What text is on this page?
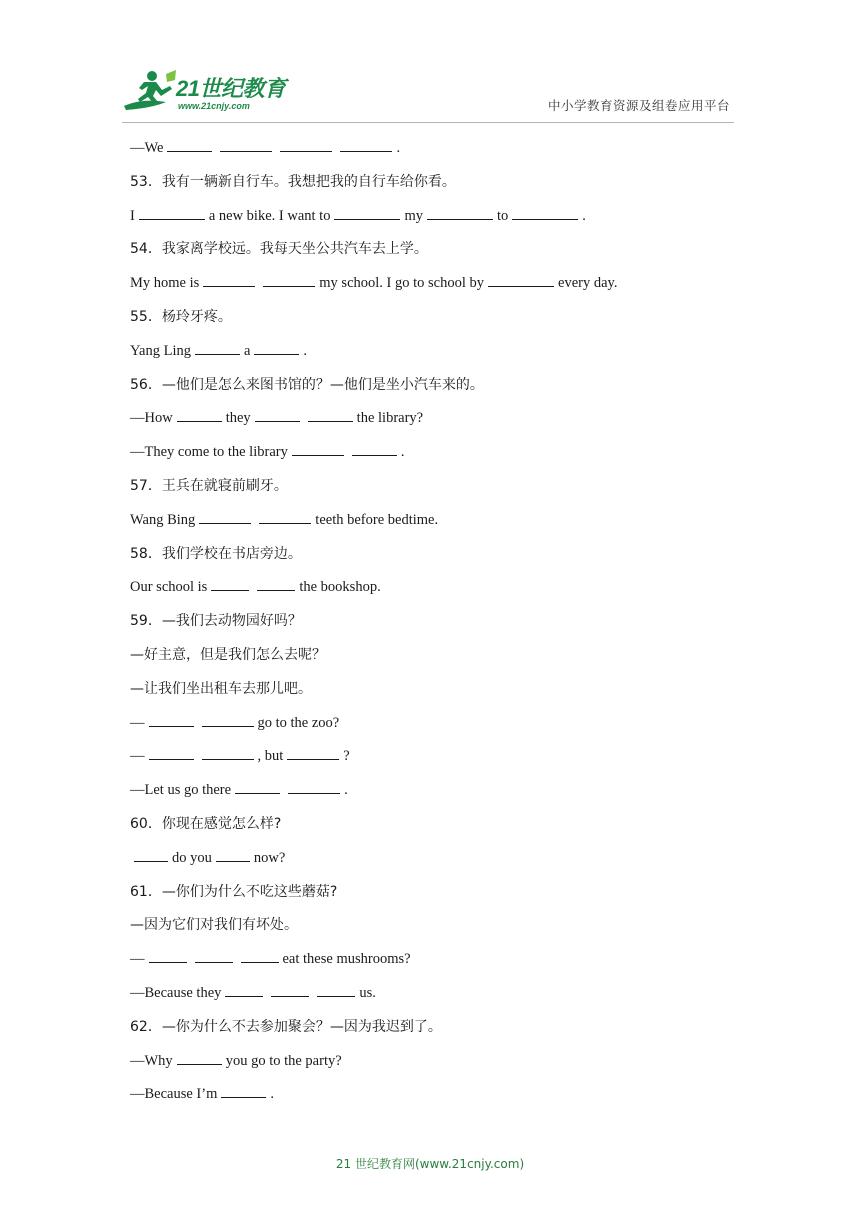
21世纪教育
www.21cnjy.com	中小学教育资源及组卷应用平台
—We	.
53．我有一辆新自行车。我想把我的自行车给你看。
I	a new bike. I want to	my	to	.
54．我家离学校远。我每天坐公共汽车去上学。
My home is	my school. I go to school by	every day.
55．杨玲牙疼。
Yang Ling	a	.
56．—他们是怎么来图书馆的？—他们是坐小汽车来的。
—How	they	the library?
—They come to the library	.
57．王兵在就寝前刷牙。
Wang Bing	teeth before bedtime.
58．我们学校在书店旁边。
Our school is	the bookshop.
59．—我们去动物园好吗？
—好主意，但是我们怎么去呢？
—让我们坐出租车去那儿吧。
—	go to the zoo?
—	, but	?
—Let us go there	.
60．你现在感觉怎么样?
do you	now?
61．—你们为什么不吃这些蘑菇?
—因为它们对我们有坏处。
—	eat these mushrooms?
—Because they	us.
62．—你为什么不去参加聚会？—因为我迟到了。
—Why	you go to the party?
—Because I’m	.
21 世纪教育网(www.21cnjy.com)
